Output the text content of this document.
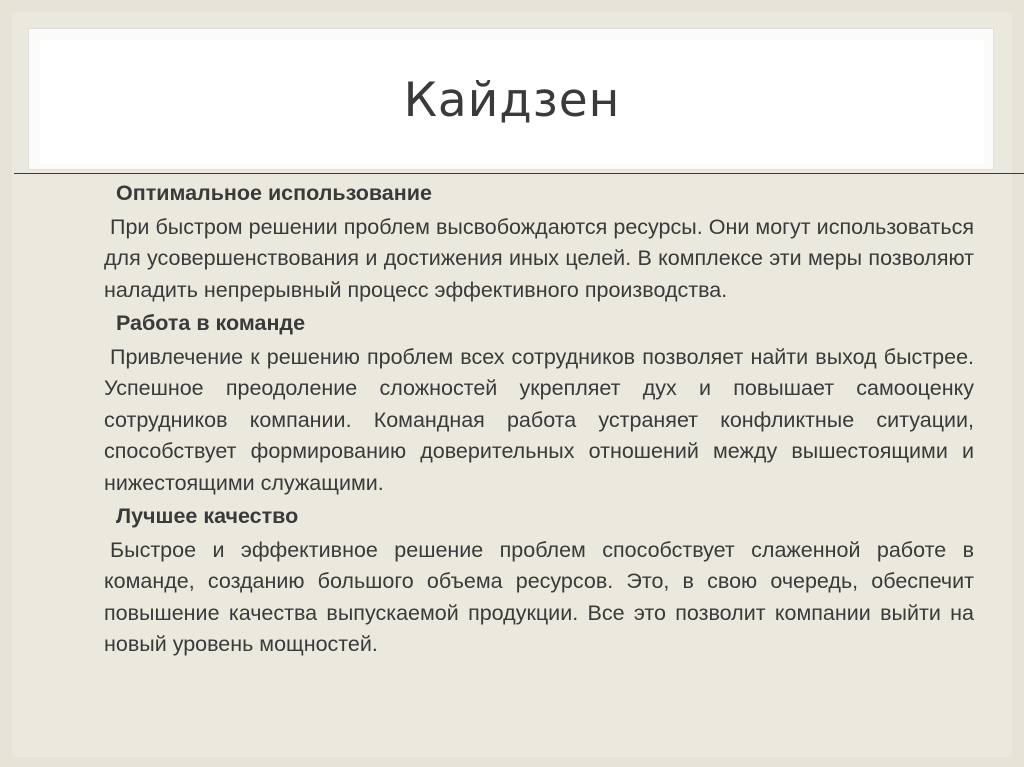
Кайдзен

Оптимальное использование

При быстром решении проблем высвобождаются ресурсы. Они могут использоваться для усовершенствования и достижения иных целей. В комплексе эти меры позволяют наладить непрерывный процесс эффективного производства.

Работа в команде

Привлечение к решению проблем всех сотрудников позволяет найти выход быстрее. Успешное преодоление сложностей укрепляет дух и повышает самооценку сотрудников компании. Командная работа устраняет конфликтные ситуации, способствует формированию доверительных отношений между вышестоящими и нижестоящими служащими.

Лучшее качество

Быстрое и эффективное решение проблем способствует слаженной работе в команде, созданию большого объема ресурсов. Это, в свою очередь, обеспечит повышение качества выпускаемой продукции. Все это позволит компании выйти на новый уровень мощностей.
